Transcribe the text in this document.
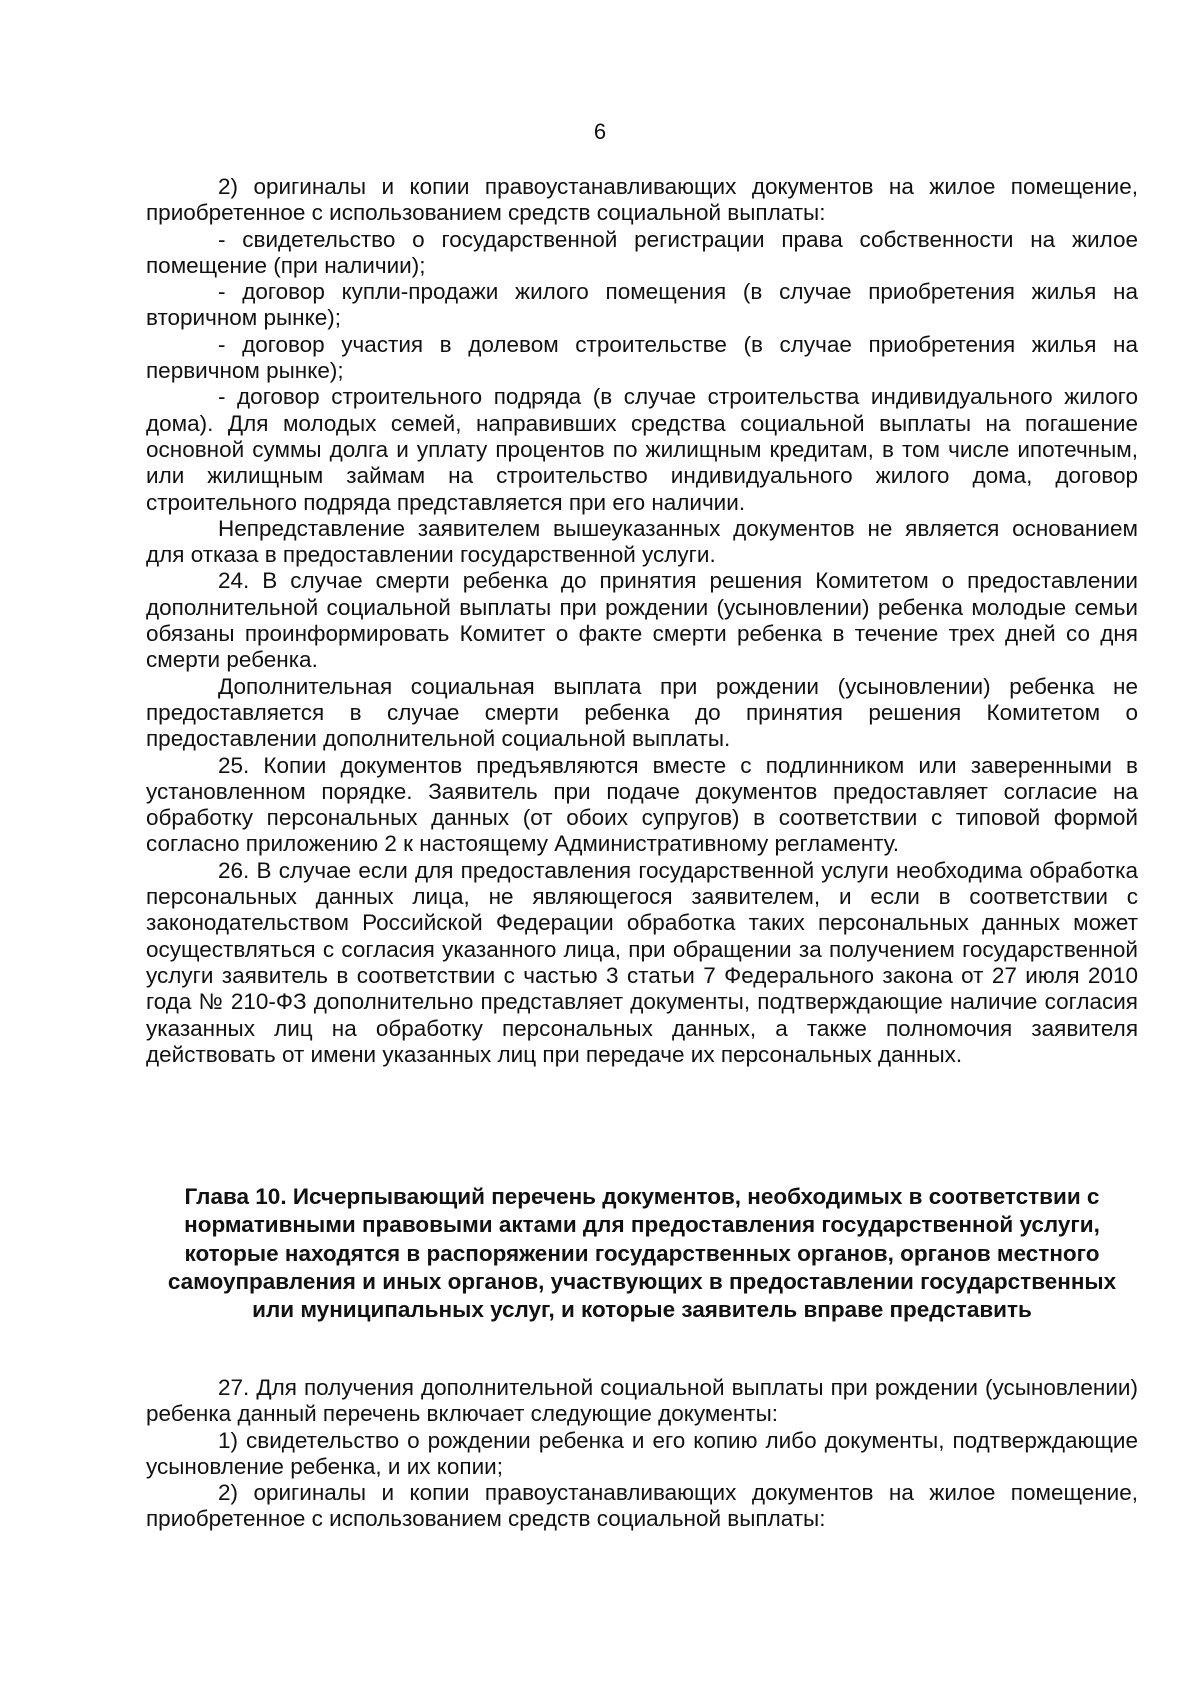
6

2) оригиналы и копии правоустанавливающих документов на жилое помещение, приобретенное с использованием средств социальной выплаты:

- свидетельство о государственной регистрации права собственности на жилое помещение (при наличии);

- договор купли-продажи жилого помещения (в случае приобретения жилья на вторичном рынке);

- договор участия в долевом строительстве (в случае приобретения жилья на первичном рынке);

- договор строительного подряда (в случае строительства индивидуального жилого дома). Для молодых семей, направивших средства социальной выплаты на погашение основной суммы долга и уплату процентов по жилищным кредитам, в том числе ипотечным, или жилищным займам на строительство индивидуального жилого дома, договор строительного подряда представляется при его наличии.

Непредставление заявителем вышеуказанных документов не является основанием для отказа в предоставлении государственной услуги.

24. В случае смерти ребенка до принятия решения Комитетом о предоставлении дополнительной социальной выплаты при рождении (усыновлении) ребенка молодые семьи обязаны проинформировать Комитет о факте смерти ребенка в течение трех дней со дня смерти ребенка.

Дополнительная социальная выплата при рождении (усыновлении) ребенка не предоставляется в случае смерти ребенка до принятия решения Комитетом о предоставлении дополнительной социальной выплаты.

25. Копии документов предъявляются вместе с подлинником или заверенными в установленном порядке. Заявитель при подаче документов предоставляет согласие на обработку персональных данных (от обоих супругов) в соответствии с типовой формой согласно приложению 2 к настоящему Административному регламенту.

26. В случае если для предоставления государственной услуги необходима обработка персональных данных лица, не являющегося заявителем, и если в соответствии с законодательством Российской Федерации обработка таких персональных данных может осуществляться с согласия указанного лица, при обращении за получением государственной услуги заявитель в соответствии с частью 3 статьи 7 Федерального закона от 27 июля 2010 года № 210-ФЗ дополнительно представляет документы, подтверждающие наличие согласия указанных лиц на обработку персональных данных, а также полномочия заявителя действовать от имени указанных лиц при передаче их персональных данных.

Глава 10. Исчерпывающий перечень документов, необходимых в соответствии с нормативными правовыми актами для предоставления государственной услуги, которые находятся в распоряжении государственных органов, органов местного самоуправления и иных органов, участвующих в предоставлении государственных или муниципальных услуг, и которые заявитель вправе представить

27. Для получения дополнительной социальной выплаты при рождении (усыновлении) ребенка данный перечень включает следующие документы:

1) свидетельство о рождении ребенка и его копию либо документы, подтверждающие усыновление ребенка, и их копии;

2) оригиналы и копии правоустанавливающих документов на жилое помещение, приобретенное с использованием средств социальной выплаты:
